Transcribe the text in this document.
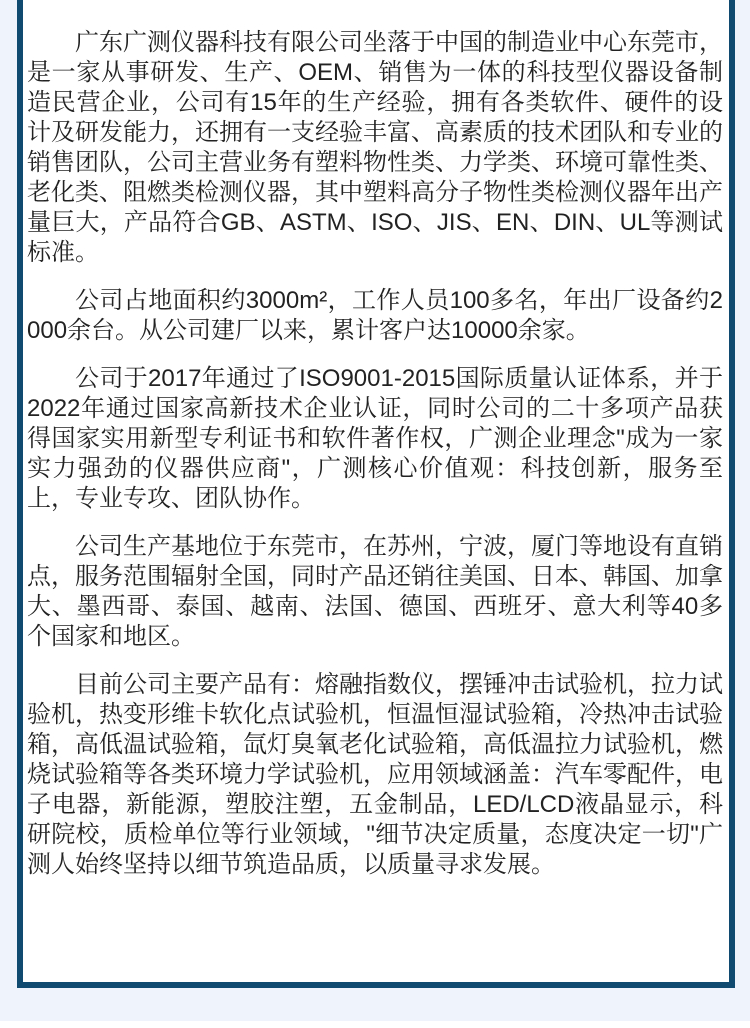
广东广测仪器科技有限公司坐落于中国的制造业中心东莞市，是一家从事研发、生产、OEM、销售为一体的科技型仪器设备制造民营企业，公司有15年的生产经验，拥有各类软件、硬件的设计及研发能力，还拥有一支经验丰富、高素质的技术团队和专业的销售团队，公司主营业务有塑料物性类、力学类、环境可靠性类、老化类、阻燃类检测仪器，其中塑料高分子物性类检测仪器年出产量巨大，产品符合GB、ASTM、ISO、JIS、EN、DIN、UL等测试标准。

公司占地面积约3000m²，工作人员100多名，年出厂设备约2000余台。从公司建厂以来，累计客户达10000余家。

公司于2017年通过了ISO9001-2015国际质量认证体系，并于2022年通过国家高新技术企业认证，同时公司的二十多项产品获得国家实用新型专利证书和软件著作权，广测企业理念"成为一家实力强劲的仪器供应商"，广测核心价值观：科技创新，服务至上，专业专攻、团队协作。

公司生产基地位于东莞市，在苏州，宁波，厦门等地设有直销点，服务范围辐射全国，同时产品还销往美国、日本、韩国、加拿大、墨西哥、泰国、越南、法国、德国、西班牙、意大利等40多个国家和地区。

目前公司主要产品有：熔融指数仪，摆锤冲击试验机，拉力试验机，热变形维卡软化点试验机，恒温恒湿试验箱，冷热冲击试验箱，高低温试验箱，氙灯臭氧老化试验箱，高低温拉力试验机，燃烧试验箱等各类环境力学试验机，应用领域涵盖：汽车零配件，电子电器，新能源，塑胶注塑，五金制品，LED/LCD液晶显示，科研院校，质检单位等行业领域，"细节决定质量，态度决定一切"广测人始终坚持以细节筑造品质，以质量寻求发展。
